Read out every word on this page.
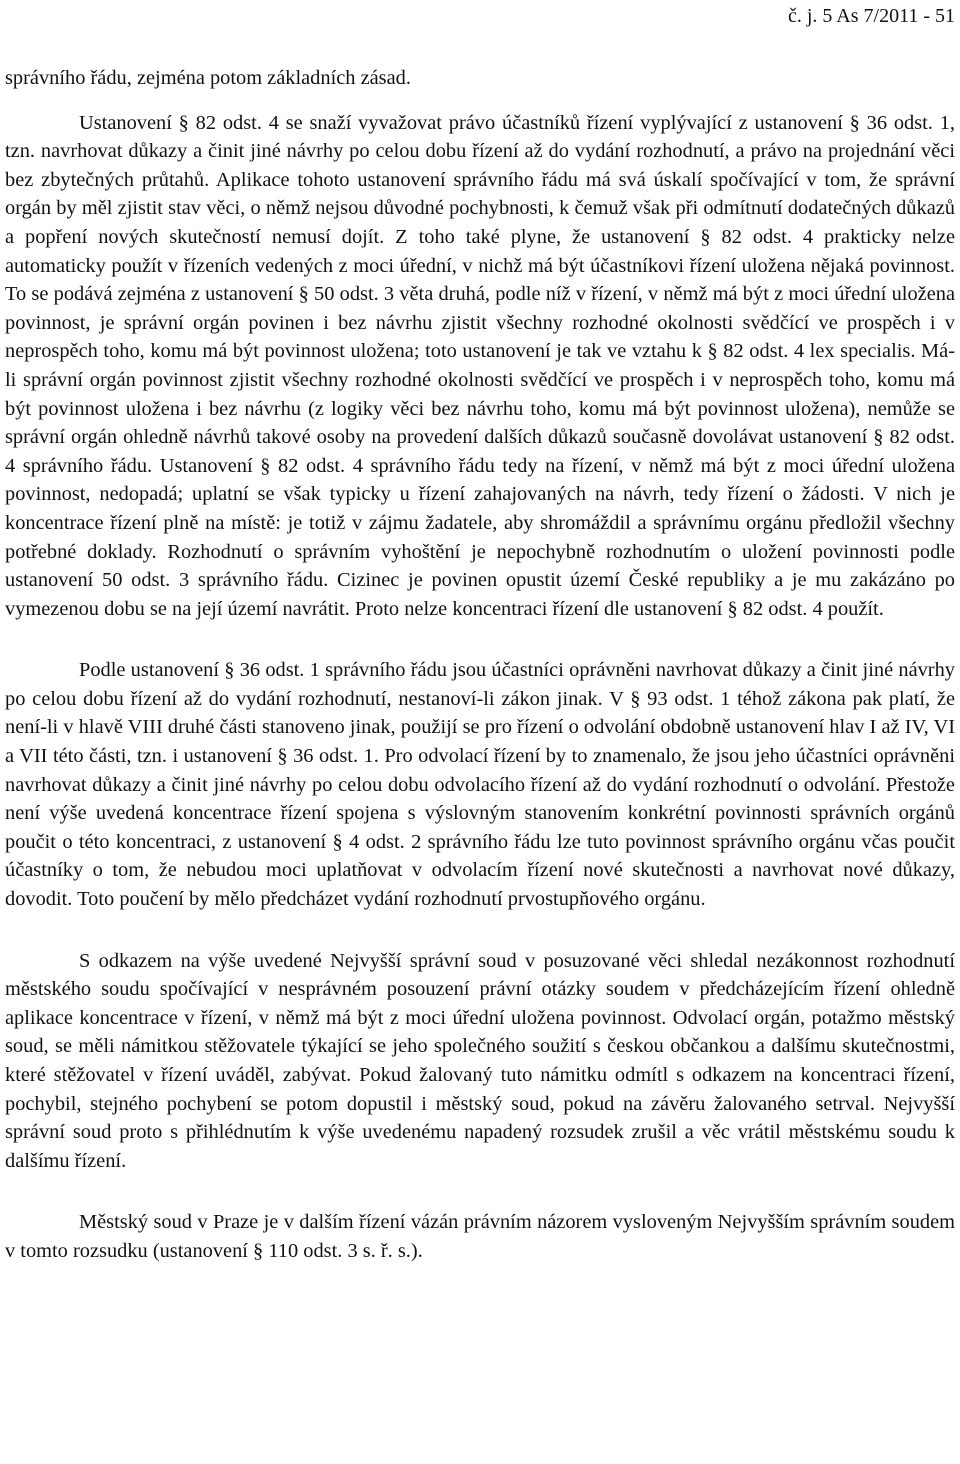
č. j. 5 As 7/2011 - 51

správního řádu, zejména potom základních zásad.

Ustanovení § 82 odst. 4 se snaží vyvažovat právo účastníků řízení vyplývající z ustanovení § 36 odst. 1, tzn. navrhovat důkazy a činit jiné návrhy po celou dobu řízení až do vydání rozhodnutí, a právo na projednání věci bez zbytečných průtahů. Aplikace tohoto ustanovení správního řádu má svá úskalí spočívající v tom, že správní orgán by měl zjistit stav věci, o němž nejsou důvodné pochybnosti, k čemuž však při odmítnutí dodatečných důkazů a popření nových skutečností nemusí dojít. Z toho také plyne, že ustanovení § 82 odst. 4 prakticky nelze automaticky použít v řízeních vedených z moci úřední, v nichž má být účastníkovi řízení uložena nějaká povinnost. To se podává zejména z ustanovení § 50 odst. 3 věta druhá, podle níž v řízení, v němž má být z moci úřední uložena povinnost, je správní orgán povinen i bez návrhu zjistit všechny rozhodné okolnosti svědčící ve prospěch i v neprospěch toho, komu má být povinnost uložena; toto ustanovení je tak ve vztahu k § 82 odst. 4 lex specialis. Má-li správní orgán povinnost zjistit všechny rozhodné okolnosti svědčící ve prospěch i v neprospěch toho, komu má být povinnost uložena i bez návrhu (z logiky věci bez návrhu toho, komu má být povinnost uložena), nemůže se správní orgán ohledně návrhů takové osoby na provedení dalších důkazů současně dovolávat ustanovení § 82 odst. 4 správního řádu. Ustanovení § 82 odst. 4 správního řádu tedy na řízení, v němž má být z moci úřední uložena povinnost, nedopadá; uplatní se však typicky u řízení zahajovaných na návrh, tedy řízení o žádosti. V nich je koncentrace řízení plně na místě: je totiž v zájmu žadatele, aby shromáždil a správnímu orgánu předložil všechny potřebné doklady. Rozhodnutí o správním vyhoštění je nepochybně rozhodnutím o uložení povinnosti podle ustanovení 50 odst. 3 správního řádu. Cizinec je povinen opustit území České republiky a je mu zakázáno po vymezenou dobu se na její území navrátit. Proto nelze koncentraci řízení dle ustanovení § 82 odst. 4 použít.

Podle ustanovení § 36 odst. 1 správního řádu jsou účastníci oprávněni navrhovat důkazy a činit jiné návrhy po celou dobu řízení až do vydání rozhodnutí, nestanoví-li zákon jinak. V § 93 odst. 1 téhož zákona pak platí, že není-li v hlavě VIII druhé části stanoveno jinak, použijí se pro řízení o odvolání obdobně ustanovení hlav I až IV, VI a VII této části, tzn. i ustanovení § 36 odst. 1. Pro odvolací řízení by to znamenalo, že jsou jeho účastníci oprávněni navrhovat důkazy a činit jiné návrhy po celou dobu odvolacího řízení až do vydání rozhodnutí o odvolání. Přestože není výše uvedená koncentrace řízení spojena s výslovným stanovením konkrétní povinnosti správních orgánů poučit o této koncentraci, z ustanovení § 4 odst. 2 správního řádu lze tuto povinnost správního orgánu včas poučit účastníky o tom, že nebudou moci uplatňovat v odvolacím řízení nové skutečnosti a navrhovat nové důkazy, dovodit. Toto poučení by mělo předcházet vydání rozhodnutí prvostupňového orgánu.

S odkazem na výše uvedené Nejvyšší správní soud v posuzované věci shledal nezákonnost rozhodnutí městského soudu spočívající v nesprávném posouzení právní otázky soudem v předcházejícím řízení ohledně aplikace koncentrace v řízení, v němž má být z moci úřední uložena povinnost. Odvolací orgán, potažmo městský soud, se měli námitkou stěžovatele týkající se jeho společného soužití s českou občankou a dalšímu skutečnostmi, které stěžovatel v řízení uváděl, zabývat. Pokud žalovaný tuto námitku odmítl s odkazem na koncentraci řízení, pochybil, stejného pochybení se potom dopustil i městský soud, pokud na závěru žalovaného setrval. Nejvyšší správní soud proto s přihlédnutím k výše uvedenému napadený rozsudek zrušil a věc vrátil městskému soudu k dalšímu řízení.

Městský soud v Praze je v dalším řízení vázán právním názorem vysloveným Nejvyšším správním soudem v tomto rozsudku (ustanovení § 110 odst. 3 s. ř. s.).
